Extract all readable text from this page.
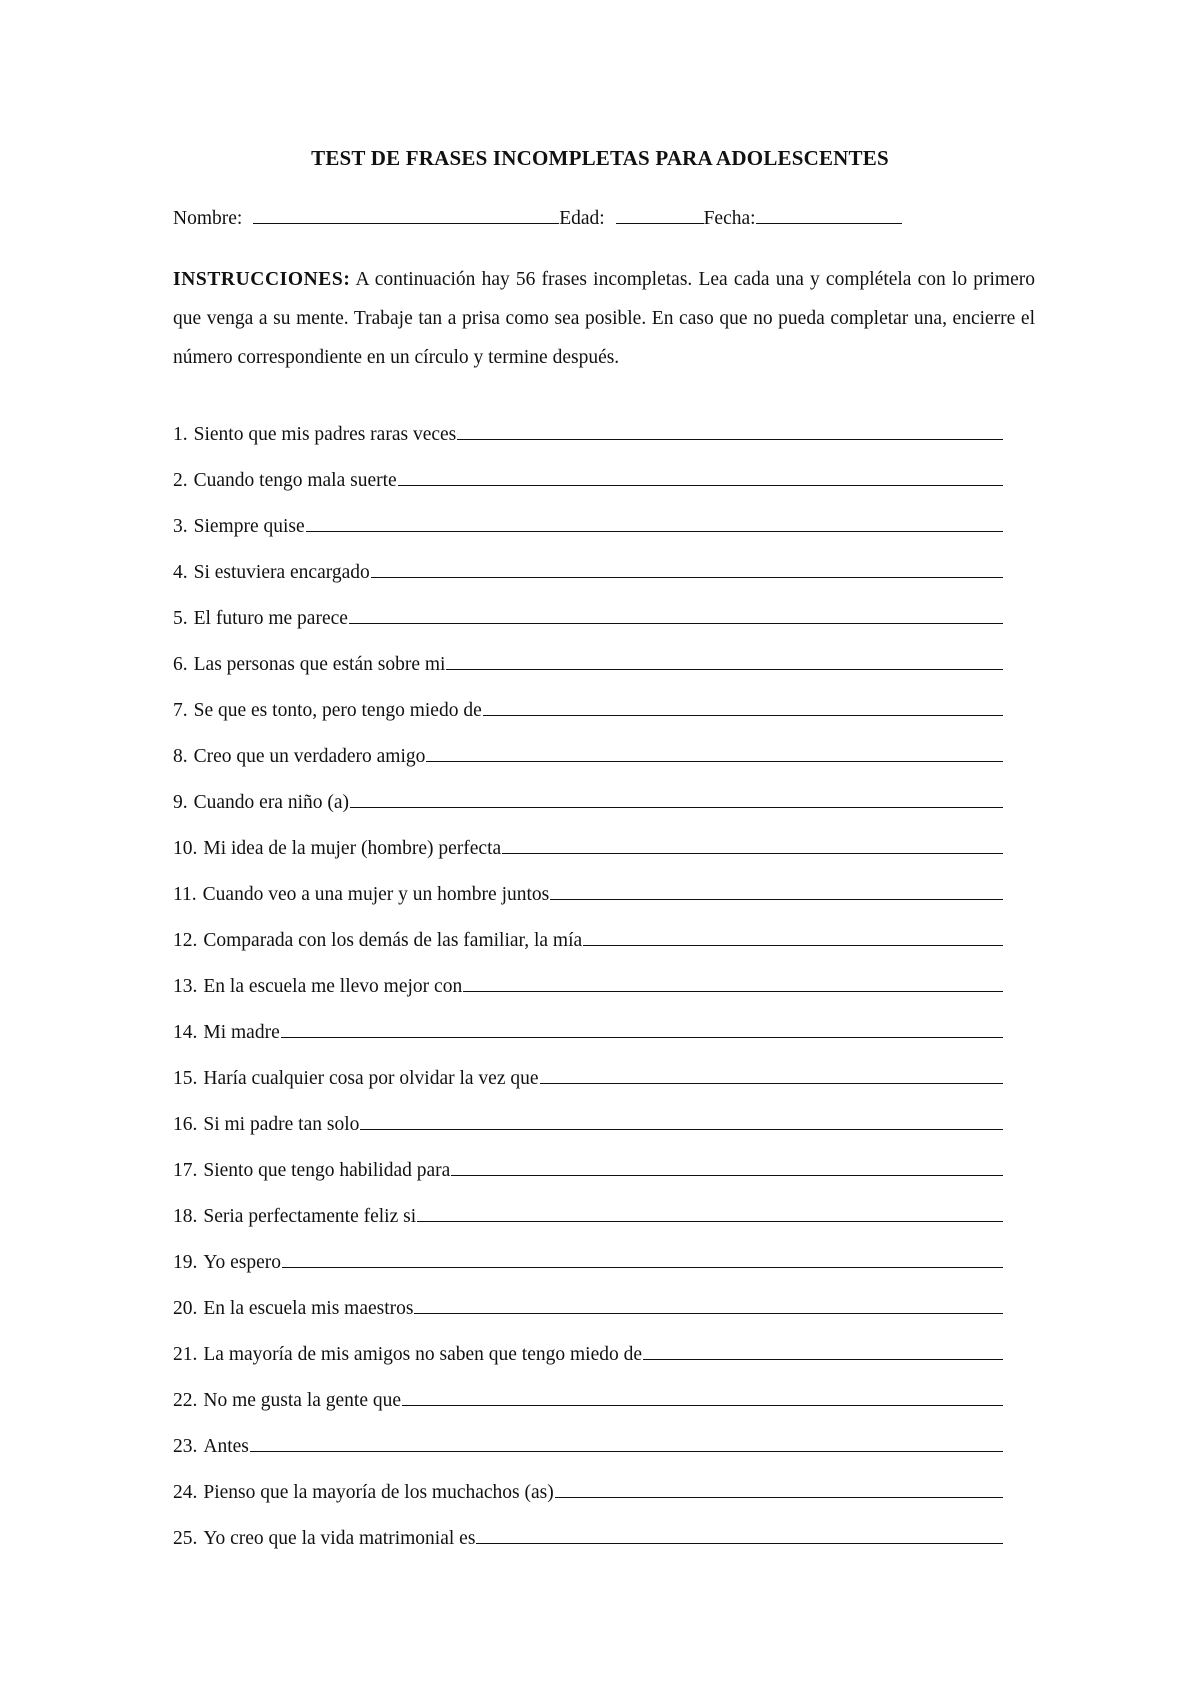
TEST DE FRASES INCOMPLETAS PARA ADOLESCENTES
Nombre:	Edad:	Fecha:
INSTRUCCIONES: A continuación hay 56 frases incompletas. Lea cada una y complétela con lo primero que venga a su mente. Trabaje tan a prisa como sea posible. En caso que no pueda completar una, encierre el número correspondiente en un círculo y termine después.
1. Siento que mis padres raras veces
2. Cuando tengo mala suerte
3. Siempre quise
4. Si estuviera encargado
5. El futuro me parece
6. Las personas que están sobre mi
7. Se que es tonto, pero tengo miedo de
8. Creo que un verdadero amigo
9. Cuando era niño (a)
10. Mi idea de la mujer (hombre) perfecta
11. Cuando veo a una mujer y un hombre juntos
12. Comparada con los demás de las familiar, la mía
13. En la escuela me llevo mejor con
14. Mi madre
15. Haría cualquier cosa por olvidar la vez que
16. Si mi padre tan solo
17. Siento que tengo habilidad para
18. Seria perfectamente feliz si
19. Yo espero
20. En la escuela mis maestros
21. La mayoría de mis amigos no saben que tengo miedo de
22. No me gusta la gente que
23. Antes
24. Pienso que la mayoría de los muchachos (as)
25. Yo creo que la vida matrimonial es
